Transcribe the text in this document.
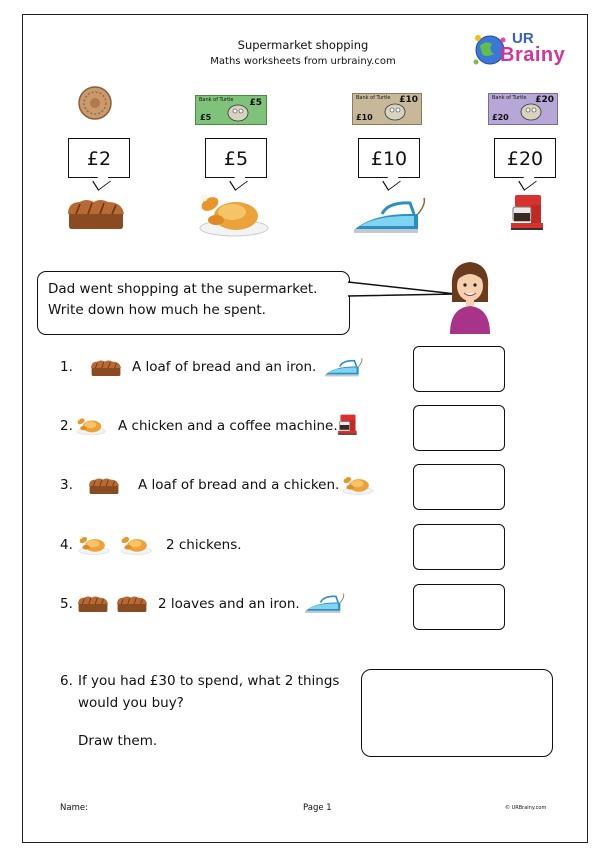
Supermarket shopping
Maths worksheets from urbrainy.com
UR
Brainy
Bank of Turtle £5
£5
Bank of Turtle £10
£10
Bank of Turtle £20
£20
£2	£5	£10	£20
Dad went shopping at the supermarket.
Write down how much he spent.
1.	A loaf of bread and an iron.
2.	A chicken and a coffee machine.
3.	A loaf of bread and a chicken.
4.	2 chickens.
5.	2 loaves and an iron.
6. If you had £30 to spend, what 2 things
would you buy?
Draw them.
Name:	Page 1	© URBrainy.com
